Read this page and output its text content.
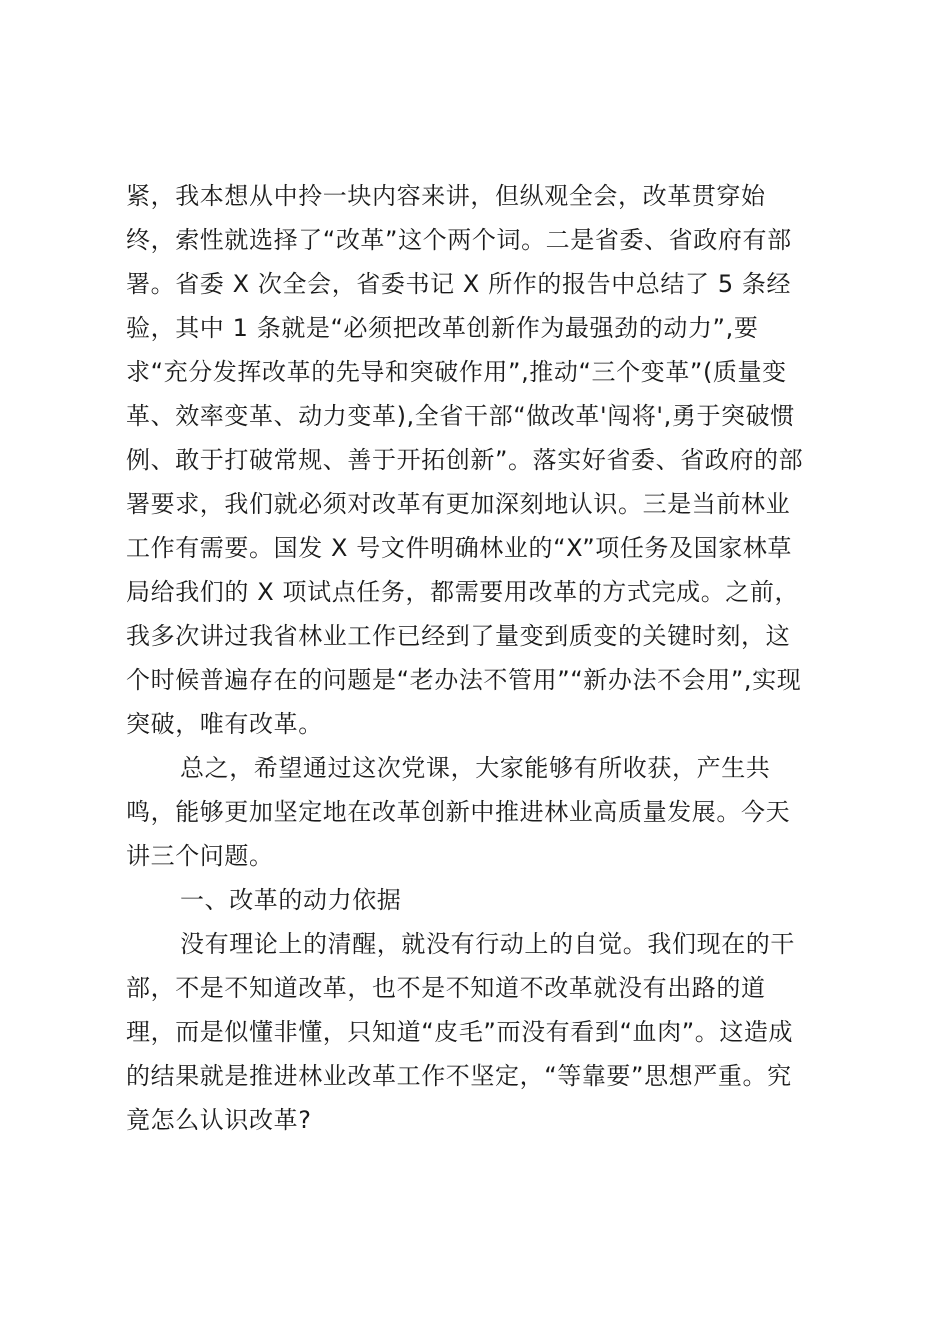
紧，我本想从中拎一块内容来讲，但纵观全会，改革贯穿始
终，索性就选择了“改革”这个两个词。二是省委、省政府有部
署。省委 X 次全会，省委书记 X 所作的报告中总结了 5 条经
验，其中 1 条就是“必须把改革创新作为最强劲的动力”,要
求“充分发挥改革的先导和突破作用”,推动“三个变革”(质量变
革、效率变革、动力变革),全省干部“做改革'闯将',勇于突破惯
例、敢于打破常规、善于开拓创新”。落实好省委、省政府的部
署要求，我们就必须对改革有更加深刻地认识。三是当前林业
工作有需要。国发 X 号文件明确林业的“X”项任务及国家林草
局给我们的 X 项试点任务，都需要用改革的方式完成。之前，
我多次讲过我省林业工作已经到了量变到质变的关键时刻，这
个时候普遍存在的问题是“老办法不管用”“新办法不会用”,实现
突破，唯有改革。
总之，希望通过这次党课，大家能够有所收获，产生共
鸣，能够更加坚定地在改革创新中推进林业高质量发展。今天
讲三个问题。
一、改革的动力依据
没有理论上的清醒，就没有行动上的自觉。我们现在的干
部，不是不知道改革，也不是不知道不改革就没有出路的道
理，而是似懂非懂，只知道“皮毛”而没有看到“血肉”。这造成
的结果就是推进林业改革工作不坚定，“等靠要”思想严重。究
竟怎么认识改革?
